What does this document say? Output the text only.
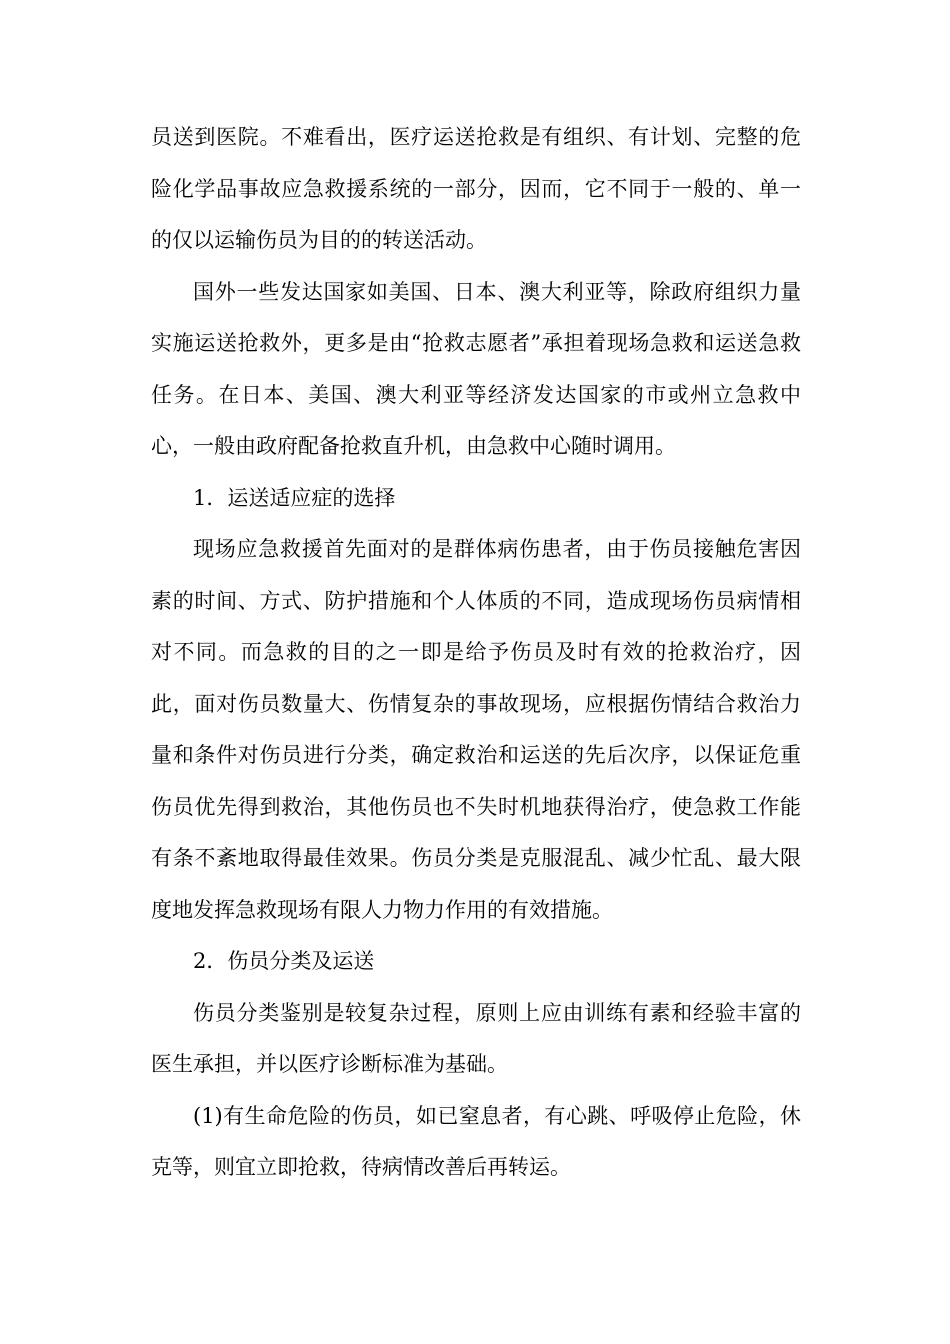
员送到医院。不难看出，医疗运送抢救是有组织、有计划、完整的危险化学品事故应急救援系统的一部分，因而，它不同于一般的、单一的仅以运输伤员为目的的转送活动。

国外一些发达国家如美国、日本、澳大利亚等，除政府组织力量实施运送抢救外，更多是由“抢救志愿者”承担着现场急救和运送急救任务。在日本、美国、澳大利亚等经济发达国家的市或州立急救中心，一般由政府配备抢救直升机，由急救中心随时调用。

1．运送适应症的选择

现场应急救援首先面对的是群体病伤患者，由于伤员接触危害因素的时间、方式、防护措施和个人体质的不同，造成现场伤员病情相对不同。而急救的目的之一即是给予伤员及时有效的抢救治疗，因此，面对伤员数量大、伤情复杂的事故现场，应根据伤情结合救治力量和条件对伤员进行分类，确定救治和运送的先后次序，以保证危重伤员优先得到救治，其他伤员也不失时机地获得治疗，使急救工作能有条不紊地取得最佳效果。伤员分类是克服混乱、减少忙乱、最大限度地发挥急救现场有限人力物力作用的有效措施。

2．伤员分类及运送

伤员分类鉴别是较复杂过程，原则上应由训练有素和经验丰富的医生承担，并以医疗诊断标准为基础。

(1)有生命危险的伤员，如已窒息者，有心跳、呼吸停止危险，休克等，则宜立即抢救，待病情改善后再转运。
